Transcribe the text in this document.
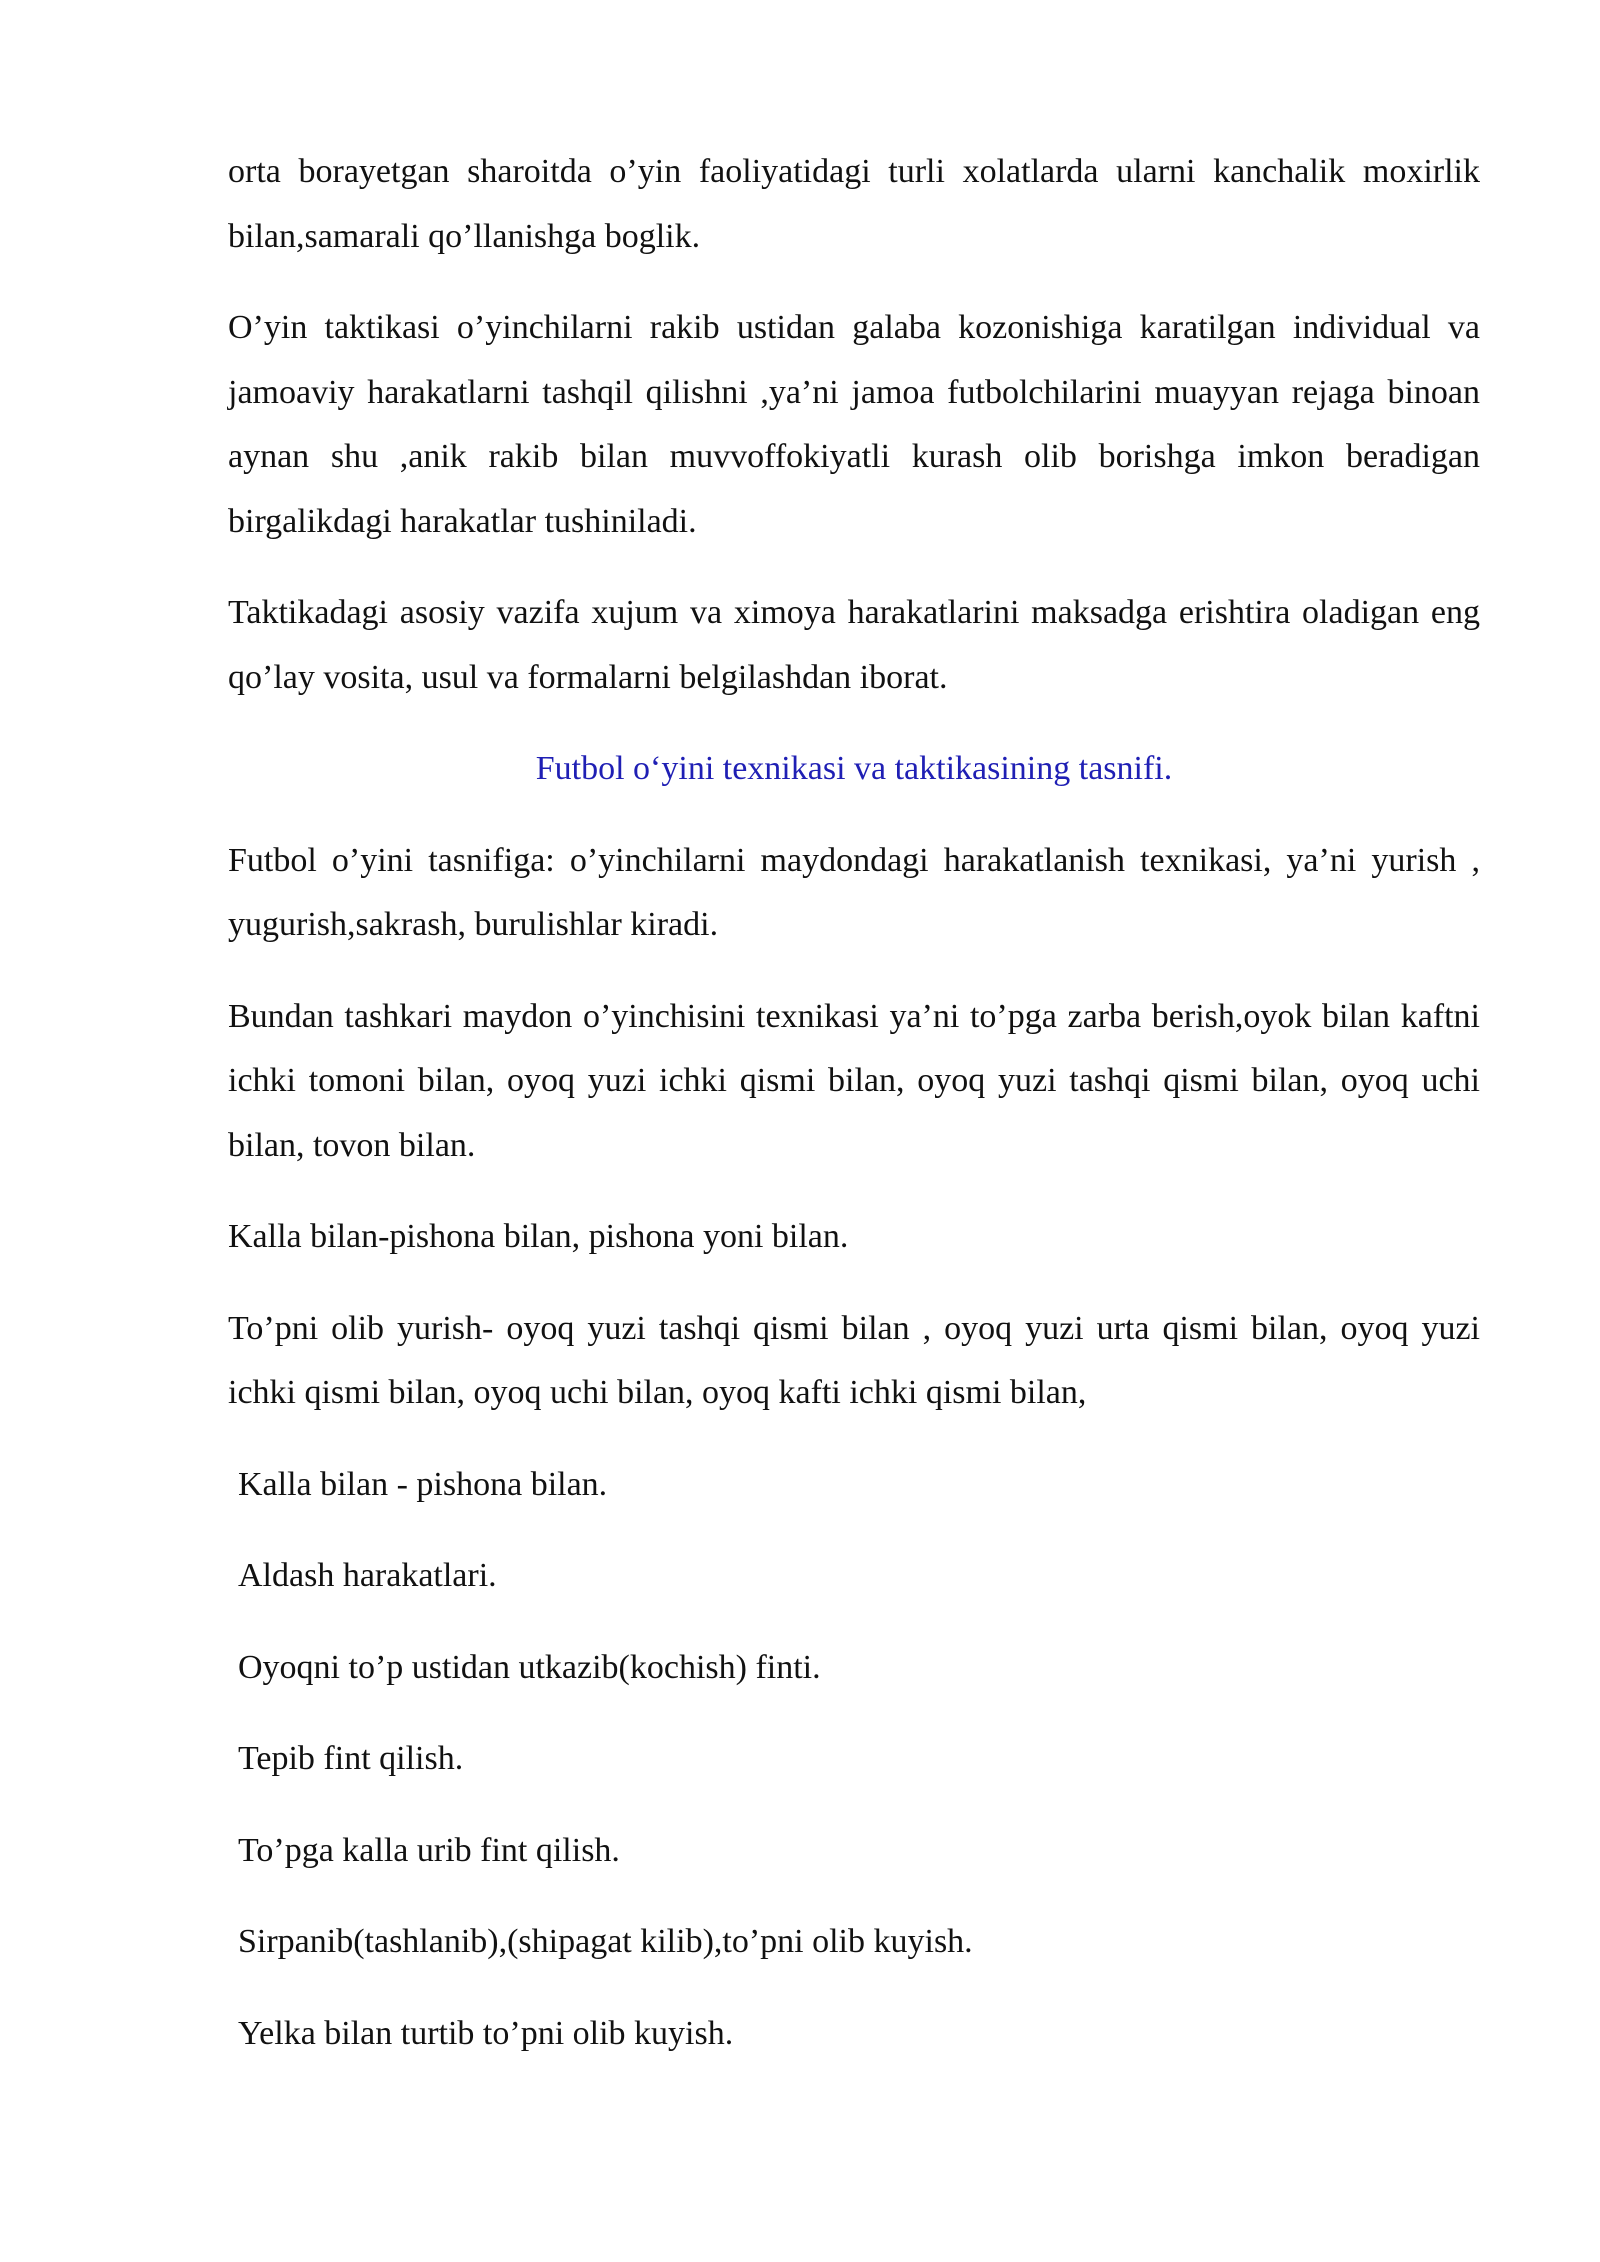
orta borayetgan sharoitda o’yin faoliyatidagi turli xolatlarda ularni kanchalik moxirlik bilan,samarali qo’llanishga boglik.

O’yin taktikasi o’yinchilarni rakib ustidan galaba kozonishiga karatilgan individual va jamoaviy harakatlarni tashqil qilishni ,ya’ni jamoa futbolchilarini muayyan rejaga binoan aynan shu ,anik rakib bilan muvvoffokiyatli kurash olib borishga imkon beradigan birgalikdagi harakatlar tushiniladi.

Taktikadagi asosiy vazifa xujum va ximoya harakatlarini maksadga erishtira oladigan eng qo’lay vosita, usul va formalarni belgilashdan iborat.

Futbol o‘yini texnikasi va taktikasining tasnifi.

Futbol o’yini tasnifiga: o’yinchilarni maydondagi harakatlanish texnikasi, ya’ni yurish , yugurish,sakrash, burulishlar kiradi.

Bundan tashkari maydon o’yinchisini texnikasi ya’ni to’pga zarba berish,oyok bilan kaftni ichki tomoni bilan, oyoq yuzi ichki qismi bilan, oyoq yuzi tashqi qismi bilan, oyoq uchi bilan, tovon bilan.

Kalla bilan-pishona bilan, pishona yoni bilan.

To’pni olib yurish- oyoq yuzi tashqi qismi bilan , oyoq yuzi urta qismi bilan, oyoq yuzi ichki qismi bilan, oyoq uchi bilan, oyoq kafti ichki qismi bilan,

Kalla bilan - pishona bilan.

Aldash harakatlari.

Oyoqni to’p ustidan utkazib(kochish) finti.

Tepib fint qilish.

To’pga kalla urib fint qilish.

Sirpanib(tashlanib),(shipagat kilib),to’pni olib kuyish.

Yelka bilan turtib to’pni olib kuyish.
